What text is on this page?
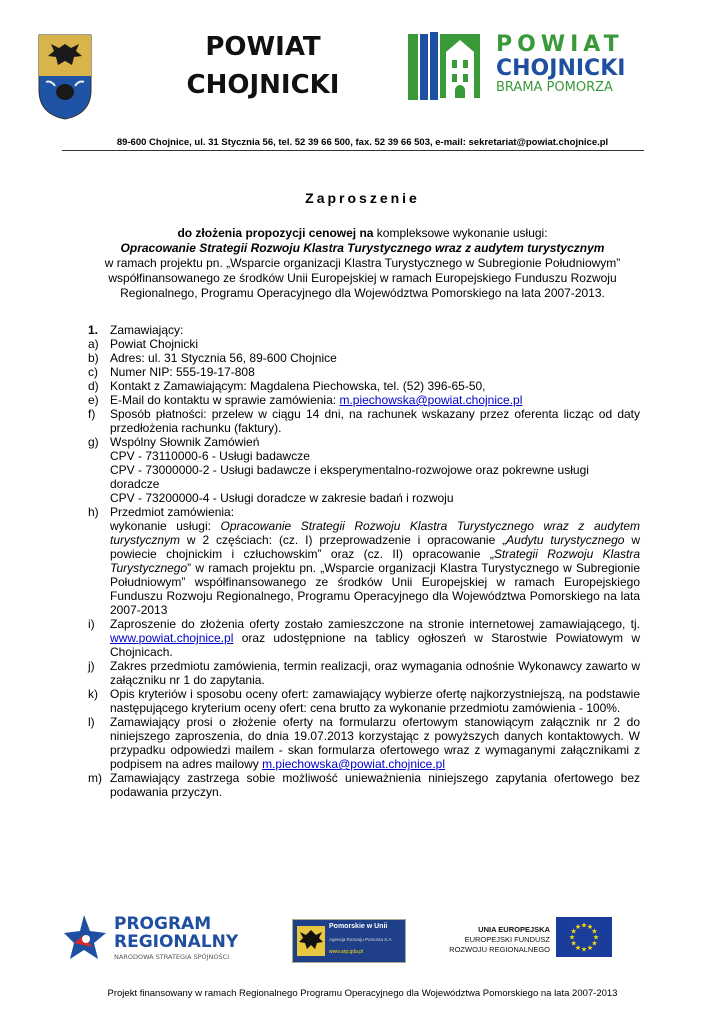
POWIAT
CHOJNICKI
POWIAT
CHOJNICKI
BRAMA POMORZA
89-600 Chojnice, ul. 31 Stycznia 56, tel. 52 39 66 500, fax. 52 39 66 503, e-mail: sekretariat@powiat.chojnice.pl
Zaproszenie
do złożenia propozycji cenowej na kompleksowe wykonanie usługi:
Opracowanie Strategii Rozwoju Klastra Turystycznego wraz z audytem turystycznym
w ramach projektu pn. „Wsparcie organizacji Klastra Turystycznego w Subregionie Południowym”
współfinansowanego ze środków Unii Europejskiej w ramach Europejskiego Funduszu Rozwoju
Regionalnego, Programu Operacyjnego dla Województwa Pomorskiego na lata 2007-2013.
1. Zamawiający:
a) Powiat Chojnicki
b) Adres: ul. 31 Stycznia 56, 89-600 Chojnice
c) Numer NIP: 555-19-17-808
d) Kontakt z Zamawiającym: Magdalena Piechowska, tel. (52) 396-65-50,
e) E-Mail do kontaktu w sprawie zamówienia: m.piechowska@powiat.chojnice.pl
f) Sposób płatności: przelew w ciągu 14 dni, na rachunek wskazany przez oferenta licząc od daty przedłożenia rachunku (faktury).
g) Wspólny Słownik Zamówień
CPV - 73110000-6 - Usługi badawcze
CPV - 73000000-2 - Usługi badawcze i eksperymentalno-rozwojowe oraz pokrewne usługi doradcze
CPV - 73200000-4 - Usługi doradcze w zakresie badań i rozwoju
h) Przedmiot zamówienia:
wykonanie usługi: Opracowanie Strategii Rozwoju Klastra Turystycznego wraz z audytem turystycznym w 2 częściach: (cz. I) przeprowadzenie i opracowanie „Audytu turystycznego w powiecie chojnickim i człuchowskim” oraz (cz. II) opracowanie „Strategii Rozwoju Klastra Turystycznego” w ramach projektu pn. „Wsparcie organizacji Klastra Turystycznego w Subregionie Południowym” współfinansowanego ze środków Unii Europejskiej w ramach Europejskiego Funduszu Rozwoju Regionalnego, Programu Operacyjnego dla Województwa Pomorskiego na lata 2007-2013
i) Zaproszenie do złożenia oferty zostało zamieszczone na stronie internetowej zamawiającego, tj. www.powiat.chojnice.pl oraz udostępnione na tablicy ogłoszeń w Starostwie Powiatowym w Chojnicach.
j) Zakres przedmiotu zamówienia, termin realizacji, oraz wymagania odnośnie Wykonawcy zawarto w załączniku nr 1 do zapytania.
k) Opis kryteriów i sposobu oceny ofert: zamawiający wybierze ofertę najkorzystniejszą, na podstawie następującego kryterium oceny ofert: cena brutto za wykonanie przedmiotu zamówienia - 100%.
l) Zamawiający prosi o złożenie oferty na formularzu ofertowym stanowiącym załącznik nr 2 do niniejszego zaproszenia, do dnia 19.07.2013 korzystając z powyższych danych kontaktowych. W przypadku odpowiedzi mailem - skan formularza ofertowego wraz z wymaganymi załącznikami z podpisem na adres mailowy m.piechowska@powiat.chojnice.pl
m) Zamawiający zastrzega sobie możliwość unieważnienia niniejszego zapytania ofertowego bez podawania przyczyn.
PROGRAM
REGIONALNY
NARODOWA STRATEGIA SPÓJNOŚCI
Pomorskie w Unii
Agencja Rozwoju Pomorza S.A.
www.arp.gda.pl
UNIA EUROPEJSKA
EUROPEJSKI FUNDUSZ
ROZWOJU REGIONALNEGO
★
★
★
★
★
★
★
★
★ ★ ★
★
Projekt finansowany w ramach Regionalnego Programu Operacyjnego dla Województwa Pomorskiego na lata 2007-2013
